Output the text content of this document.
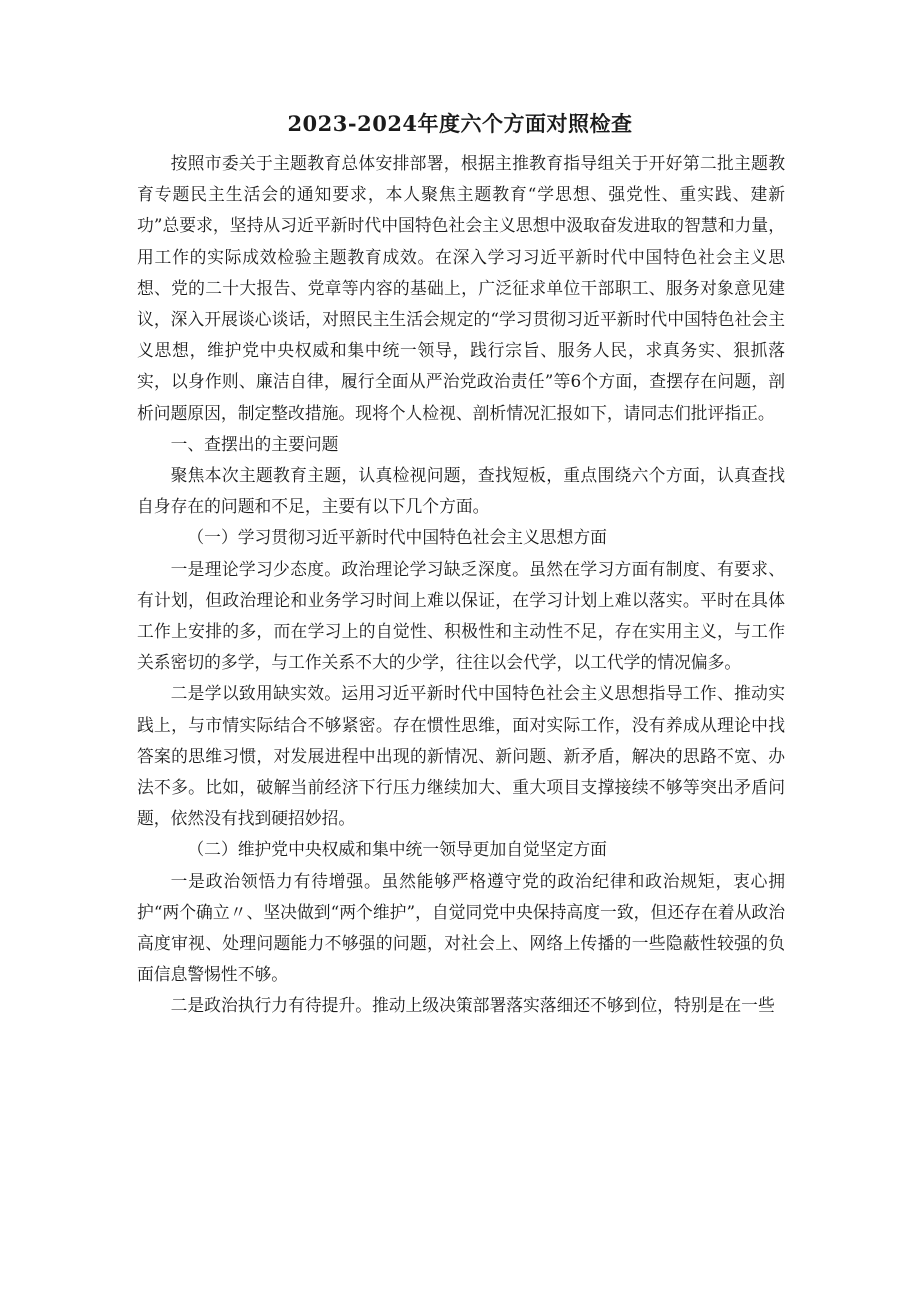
2023-2024年度六个方面对照检查

按照市委关于主题教育总体安排部署，根据主推教育指导组关于开好第二批主题教育专题民主生活会的通知要求，本人聚焦主题教育“学思想、强党性、重实践、建新功”总要求，坚持从习近平新时代中国特色社会主义思想中汲取奋发进取的智慧和力量，用工作的实际成效检验主题教育成效。在深入学习习近平新时代中国特色社会主义思想、党的二十大报告、党章等内容的基础上，广泛征求单位干部职工、服务对象意见建议，深入开展谈心谈话，对照民主生活会规定的“学习贯彻习近平新时代中国特色社会主义思想，维护党中央权威和集中统一领导，践行宗旨、服务人民，求真务实、狠抓落实，以身作则、廉洁自律，履行全面从严治党政治责任”等6个方面，查摆存在问题，剖析问题原因，制定整改措施。现将个人检视、剖析情况汇报如下，请同志们批评指正。

一、查摆出的主要问题

聚焦本次主题教育主题，认真检视问题，查找短板，重点围绕六个方面，认真查找自身存在的问题和不足，主要有以下几个方面。

（一）学习贯彻习近平新时代中国特色社会主义思想方面

一是理论学习少态度。政治理论学习缺乏深度。虽然在学习方面有制度、有要求、有计划，但政治理论和业务学习时间上难以保证，在学习计划上难以落实。平时在具体工作上安排的多，而在学习上的自觉性、积极性和主动性不足，存在实用主义，与工作关系密切的多学，与工作关系不大的少学，往往以会代学，以工代学的情况偏多。

二是学以致用缺实效。运用习近平新时代中国特色社会主义思想指导工作、推动实践上，与市情实际结合不够紧密。存在惯性思维，面对实际工作，没有养成从理论中找答案的思维习惯，对发展进程中出现的新情况、新问题、新矛盾，解决的思路不宽、办法不多。比如，破解当前经济下行压力继续加大、重大项目支撑接续不够等突出矛盾问题，依然没有找到硬招妙招。

（二）维护党中央权威和集中统一领导更加自觉坚定方面

一是政治领悟力有待增强。虽然能够严格遵守党的政治纪律和政治规矩，衷心拥护“两个确立〃、坚决做到“两个维护”，自觉同党中央保持高度一致，但还存在着从政治高度审视、处理问题能力不够强的问题，对社会上、网络上传播的一些隐蔽性较强的负面信息警惕性不够。

二是政治执行力有待提升。推动上级决策部署落实落细还不够到位，特别是在一些
